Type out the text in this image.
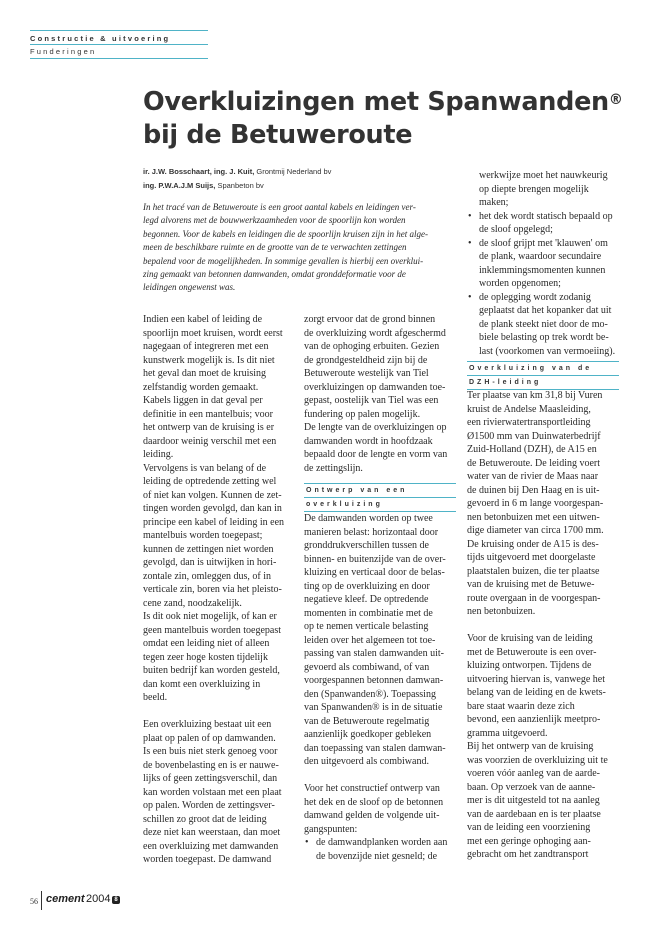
Constructie & uitvoering
Funderingen
Overkluizingen met Spanwanden®
bij de Betuweroute
ir. J.W. Bosschaart, ing. J. Kuit, Grontmij Nederland bv
ing. P.W.A.J.M Suijs, Spanbeton bv
In het tracé van de Betuweroute is een groot aantal kabels en leidingen ver-
legd alvorens met de bouwwerkzaamheden voor de spoorlijn kon worden
begonnen. Voor de kabels en leidingen die de spoorlijn kruisen zijn in het alge-
meen de beschikbare ruimte en de grootte van de te verwachten zettingen
bepalend voor de mogelijkheden. In sommige gevallen is hierbij een overklui-
zing gemaakt van betonnen damwanden, omdat gronddeformatie voor de
leidingen ongewenst was.
Indien een kabel of leiding de
spoorlijn moet kruisen, wordt eerst
nagegaan of integreren met een
kunstwerk mogelijk is. Is dit niet
het geval dan moet de kruising
zelfstandig worden gemaakt.
Kabels liggen in dat geval per
definitie in een mantelbuis; voor
het ontwerp van de kruising is er
daardoor weinig verschil met een
leiding.
Vervolgens is van belang of de
leiding de optredende zetting wel
of niet kan volgen. Kunnen de zet-
tingen worden gevolgd, dan kan in
principe een kabel of leiding in een
mantelbuis worden toegepast;
kunnen de zettingen niet worden
gevolgd, dan is uitwijken in hori-
zontale zin, omleggen dus, of in
verticale zin, boren via het pleisto-
cene zand, noodzakelijk.
Is dit ook niet mogelijk, of kan er
geen mantelbuis worden toegepast
omdat een leiding niet of alleen
tegen zeer hoge kosten tijdelijk
buiten bedrijf kan worden gesteld,
dan komt een overkluizing in
beeld.
Een overkluizing bestaat uit een
plaat op palen of op damwanden.
Is een buis niet sterk genoeg voor
de bovenbelasting en is er nauwe-
lijks of geen zettingsverschil, dan
kan worden volstaan met een plaat
op palen. Worden de zettingsver-
schillen zo groot dat de leiding
deze niet kan weerstaan, dan moet
een overkluizing met damwanden
worden toegepast. De damwand
zorgt ervoor dat de grond binnen
de overkluizing wordt afgeschermd
van de ophoging erbuiten. Gezien
de grondgesteldheid zijn bij de
Betuweroute westelijk van Tiel
overkluizingen op damwanden toe-
gepast, oostelijk van Tiel was een
fundering op palen mogelijk.
De lengte van de overkluizingen op
damwanden wordt in hoofdzaak
bepaald door de lengte en vorm van
de zettingslijn.
Ontwerp van een
overkluizing
De damwanden worden op twee
manieren belast: horizontaal door
gronddrukverschillen tussen de
binnen- en buitenzijde van de over-
kluizing en verticaal door de belas-
ting op de overkluizing en door
negatieve kleef. De optredende
momenten in combinatie met de
op te nemen verticale belasting
leiden over het algemeen tot toe-
passing van stalen damwanden uit-
gevoerd als combiwand, of van
voorgespannen betonnen damwan-
den (Spanwanden®). Toepassing
van Spanwanden® is in de situatie
van de Betuweroute regelmatig
aanzienlijk goedkoper gebleken
dan toepassing van stalen damwan-
den uitgevoerd als combiwand.
Voor het constructief ontwerp van
het dek en de sloof op de betonnen
damwand gelden de volgende uit-
gangspunten:
• de damwandplanken worden aan
de bovenzijde niet gesneld; de
werkwijze moet het nauwkeurig
op diepte brengen mogelijk
maken;
• het dek wordt statisch bepaald op
de sloof opgelegd;
• de sloof grijpt met 'klauwen' om
de plank, waardoor secundaire
inklemmingsmomenten kunnen
worden opgenomen;
• de oplegging wordt zodanig
geplaatst dat het kopanker dat uit
de plank steekt niet door de mo-
biele belasting op trek wordt be-
last (voorkomen van vermoeiing).
Overkluizing van de
DZH-leiding
Ter plaatse van km 31,8 bij Vuren
kruist de Andelse Maasleiding,
een rivierwatertransportleiding
Ø1500 mm van Duinwaterbedrijf
Zuid-Holland (DZH), de A15 en
de Betuweroute. De leiding voert
water van de rivier de Maas naar
de duinen bij Den Haag en is uit-
gevoerd in 6 m lange voorgespan-
nen betonbuizen met een uitwen-
dige diameter van circa 1700 mm.
De kruising onder de A15 is des-
tijds uitgevoerd met doorgelaste
plaatstalen buizen, die ter plaatse
van de kruising met de Betuwe-
route overgaan in de voorgespan-
nen betonbuizen.
Voor de kruising van de leiding
met de Betuweroute is een over-
kluizing ontworpen. Tijdens de
uitvoering hiervan is, vanwege het
belang van de leiding en de kwets-
bare staat waarin deze zich
bevond, een aanzienlijk meetpro-
gramma uitgevoerd.
Bij het ontwerp van de kruising
was voorzien de overkluizing uit te
voeren vóór aanleg van de aarde-
baan. Op verzoek van de aanne-
mer is dit uitgesteld tot na aanleg
van de aardebaan en is ter plaatse
van de leiding een voorziening
met een geringe ophoging aan-
gebracht om het zandtransport
56 cement 2004 8
